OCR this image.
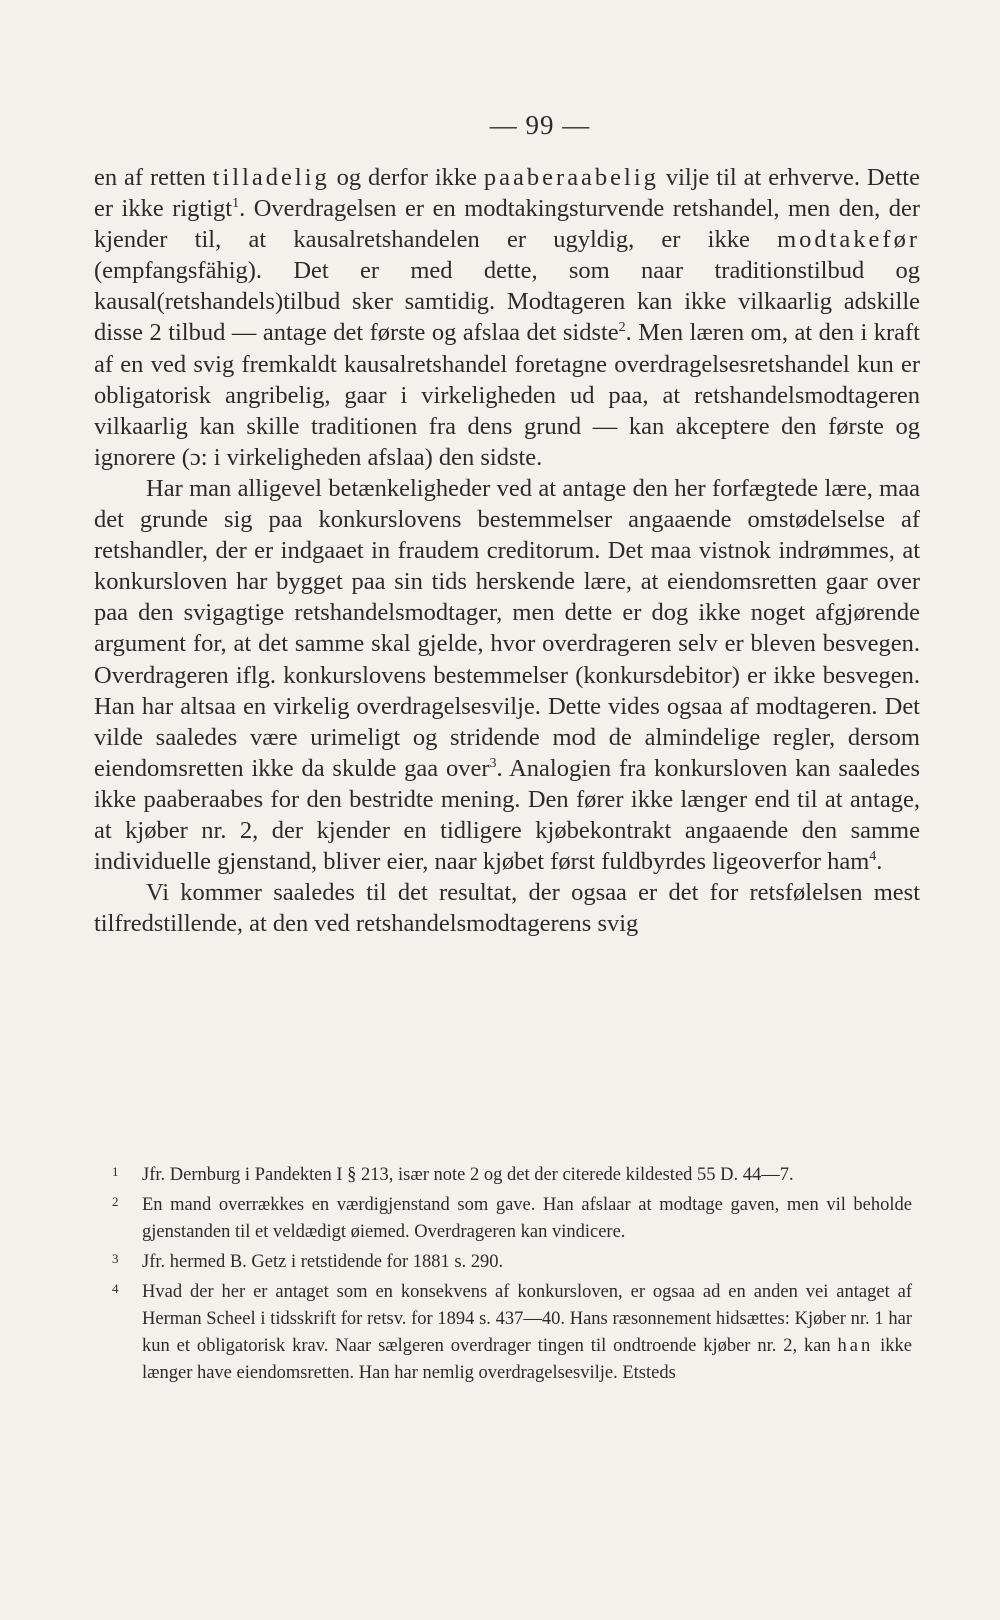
— 99 —

en af retten tilladelig og derfor ikke paaberaabelig vilje til at erhverve. Dette er ikke rigtigt$^1$. Overdragelsen er en modtakingsturvende retshandel, men den, der kjender til, at kausalretshandelen er ugyldig, er ikke modtakefør (empfangsfähig). Det er med dette, som naar traditionstilbud og kausal(retshandels)tilbud sker samtidig. Modtageren kan ikke vilkaarlig adskille disse 2 tilbud — antage det første og afslaa det sidste$^2$. Men læren om, at den i kraft af en ved svig fremkaldt kausalretshandel foretagne overdragelsesretshandel kun er obligatorisk angribelig, gaar i virkeligheden ud paa, at retshandelsmodtageren vilkaarlig kan skille traditionen fra dens grund — kan akceptere den første og ignorere (ɔ: i virkeligheden afslaa) den sidste.

Har man alligevel betænkeligheder ved at antage den her forfægtede lære, maa det grunde sig paa konkurslovens bestemmelser angaaende omstødelselse af retshandler, der er indgaaet in fraudem creditorum. Det maa vistnok indrømmes, at konkursloven har bygget paa sin tids herskende lære, at eiendomsretten gaar over paa den svigagtige retshandelsmodtager, men dette er dog ikke noget afgjørende argument for, at det samme skal gjelde, hvor overdrageren selv er bleven besvegen. Overdrageren iflg. konkurslovens bestemmelser (konkursdebitor) er ikke besvegen. Han har altsaa en virkelig overdragelsesvilje. Dette vides ogsaa af modtageren. Det vilde saaledes være urimeligt og stridende mod de almindelige regler, dersom eiendomsretten ikke da skulde gaa over$^3$. Analogien fra konkursloven kan saaledes ikke paaberaabes for den bestridte mening. Den fører ikke længer end til at antage, at kjøber nr. 2, der kjender en tidligere kjøbekontrakt angaaende den samme individuelle gjenstand, bliver eier, naar kjøbet først fuldbyrdes ligeoverfor ham$^4$.

Vi kommer saaledes til det resultat, der ogsaa er det for retsfølelsen mest tilfredstillende, at den ved retshandelsmodtagerens svig

1 Jfr. Dernburg i Pandekten I § 213, især note 2 og det der citerede kildested 55 D. 44—7.
2 En mand overrækkes en værdigjenstand som gave. Han afslaar at modtage gaven, men vil beholde gjenstanden til et veldædigt øiemed. Overdrageren kan vindicere.
3 Jfr. hermed B. Getz i retstidende for 1881 s. 290.
4 Hvad der her er antaget som en konsekvens af konkursloven, er ogsaa ad en anden vei antaget af Herman Scheel i tidsskrift for retsv. for 1894 s. 437—40. Hans ræsonnement hidsættes: Kjøber nr. 1 har kun et obligatorisk krav. Naar sælgeren overdrager tingen til ondtroende kjøber nr. 2, kan han ikke længer have eiendomsretten. Han har nemlig overdragelsesvilje. Etsteds
